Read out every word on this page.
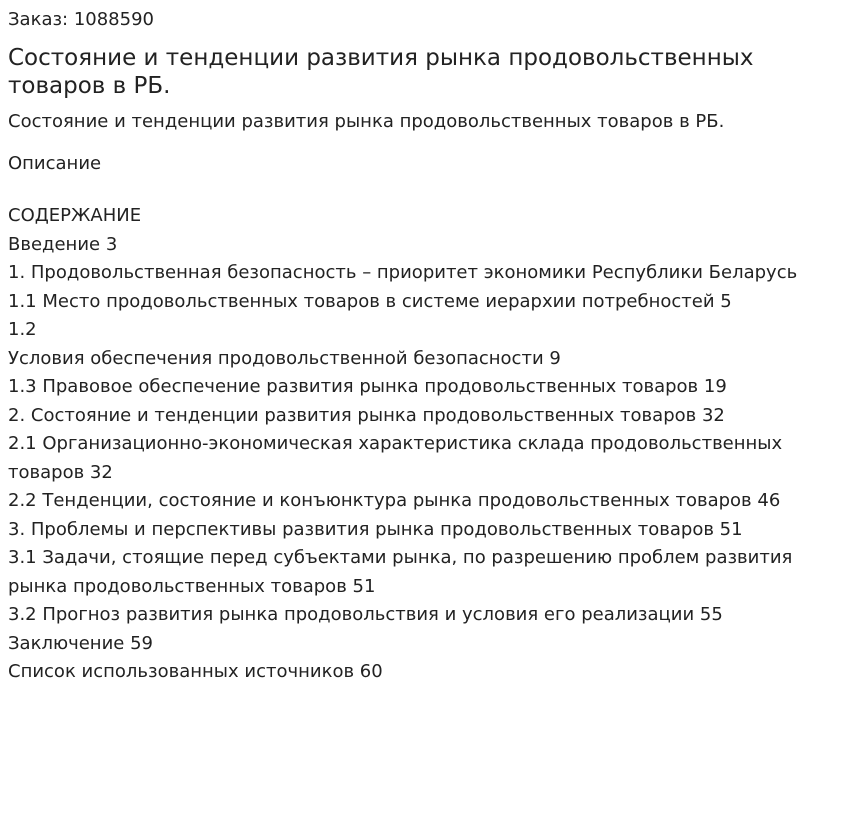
Заказ: 1088590
Состояние и тенденции развития рынка продовольственных товаров в РБ.
Состояние и тенденции развития рынка продовольственных товаров в РБ.
Описание
СОДЕРЖАНИЕ
Введение 3
1. Продовольственная безопасность – приоритет экономики Республики Беларусь
1.1 Место продовольственных товаров в системе иерархии потребностей 5
1.2
Условия обеспечения продовольственной безопасности 9
1.3 Правовое обеспечение развития рынка продовольственных товаров 19
2. Состояние и тенденции развития рынка продовольственных товаров 32
2.1 Организационно-экономическая характеристика склада продовольственных товаров 32
2.2 Тенденции, состояние и конъюнктура рынка продовольственных товаров 46
3. Проблемы и перспективы развития рынка продовольственных товаров 51
3.1 Задачи, стоящие перед субъектами рынка, по разрешению проблем развития рынка продовольственных товаров 51
3.2 Прогноз развития рынка продовольствия и условия его реализации 55
Заключение 59
Список использованных источников 60
